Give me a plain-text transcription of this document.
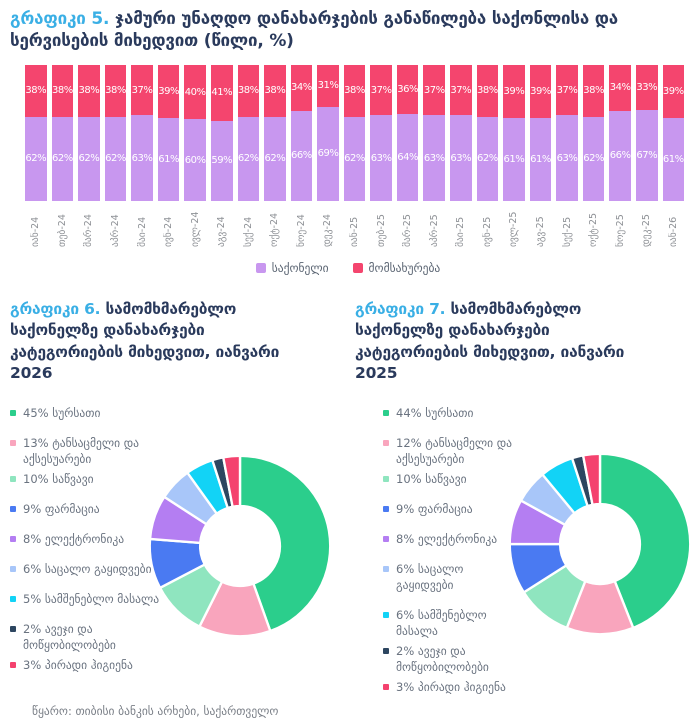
გრაფიკი 5. ჯამური უნაღდო დანახარჯების განაწილება საქონლისა და სერვისების მიხედვით (წილი, %)
38%
62%
იან-24
38%
62%
თებ-24
38%
62%
მარ-24
38%
62%
აპრ-24
37%
63%
მაი-24
39%
61%
ივნ-24
40%
60%
ივლ-24
41%
59%
აგვ-24
38%
62%
სექ-24
38%
62%
ოქტ-24
34%
66%
ნოე-24
31%
69%
დეკ-24
38%
62%
იან-25
37%
63%
თებ-25
36%
64%
მარ-25
37%
63%
აპრ-25
37%
63%
მაი-25
38%
62%
ივნ-25
39%
61%
ივლ-25
39%
61%
აგვ-25
37%
63%
სექ-25
38%
62%
ოქტ-25
34%
66%
ნოე-25
33%
67%
დეკ-25
39%
61%
იან-26
საქონელი	მომსახურება
გრაფიკი 6. სამომხმარებლო საქონელზე დანახარჯები კატეგორიების მიხედვით, იანვარი 2026
45% სურსათი
13% ტანსაცმელი და
აქსესუარები
10% საწვავი
9% ფარმაცია
8% ელექტრონიკა
6% საცალო გაყიდვები
5% სამშენებლო მასალა
2% ავეჯი და
მოწყობილობები
3% პირადი ჰიგიენა
გრაფიკი 7. სამომხმარებლო საქონელზე დანახარჯები კატეგორიების მიხედვით, იანვარი 2025
44% სურსათი
12% ტანსაცმელი და
აქსესუარები
10% საწვავი
9% ფარმაცია
8% ელექტრონიკა
6% საცალო გაყიდვები
6% სამშენებლო
მასალა
2% ავეჯი და
მოწყობილობები
3% პირადი ჰიგიენა
წყარო: თიბისი ბანკის არხები, საქართველო
